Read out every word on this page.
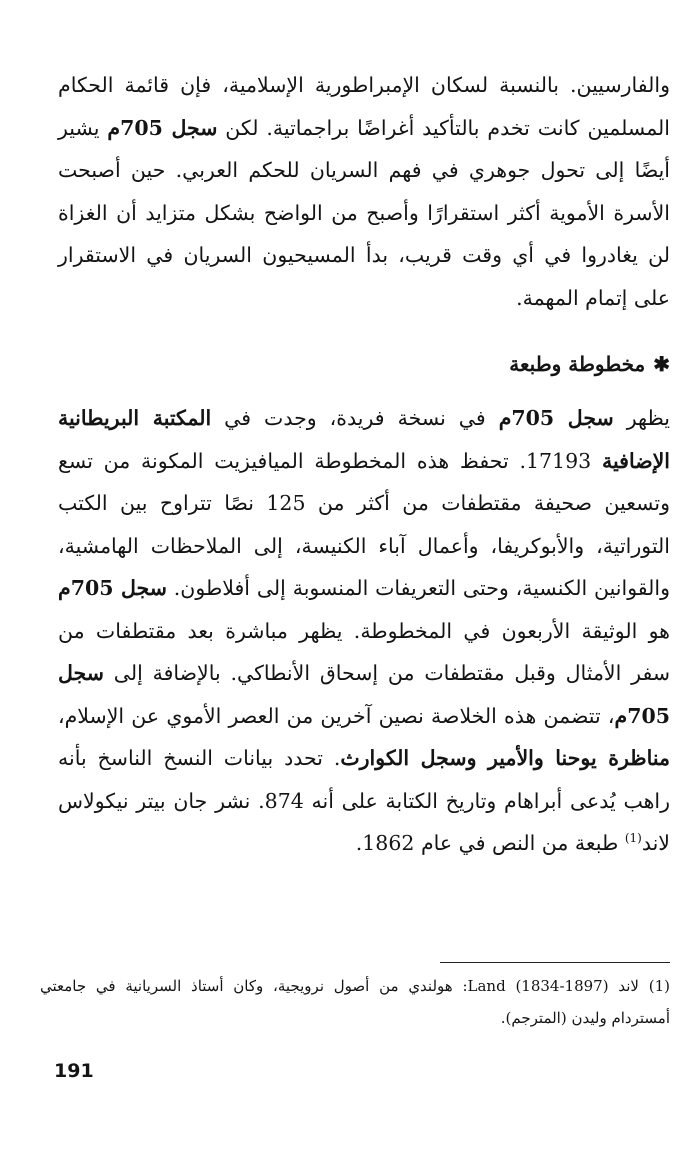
والفارسيين. بالنسبة لسكان الإمبراطورية الإسلامية، فإن قائمة الحكام المسلمين كانت تخدم بالتأكيد أغراضًا براجماتية. لكن سجل 705م يشير أيضًا إلى تحول جوهري في فهم السريان للحكم العربي. حين أصبحت الأسرة الأموية أكثر استقرارًا وأصبح من الواضح بشكل متزايد أن الغزاة لن يغادروا في أي وقت قريب، بدأ المسيحيون السريان في الاستقرار على إتمام المهمة.

✱مخطوطة وطبعة

يظهر سجل 705م في نسخة فريدة، وجدت في المكتبة البريطانية الإضافية 17193. تحفظ هذه المخطوطة الميافيزيت المكونة من تسع وتسعين صحيفة مقتطفات من أكثر من 125 نصًا تتراوح بين الكتب التوراتية، والأبوكريفا، وأعمال آباء الكنيسة، إلى الملاحظات الهامشية، والقوانين الكنسية، وحتى التعريفات المنسوبة إلى أفلاطون. سجل 705م هو الوثيقة الأربعون في المخطوطة. يظهر مباشرة بعد مقتطفات من سفر الأمثال وقبل مقتطفات من إسحاق الأنطاكي. بالإضافة إلى سجل 705م، تتضمن هذه الخلاصة نصين آخرين من العصر الأموي عن الإسلام، مناظرة يوحنا والأمير وسجل الكوارث. تحدد بيانات النسخ الناسخ بأنه راهب يُدعى أبراهام وتاريخ الكتابة على أنه 874. نشر جان بيتر نيكولاس لاند$^{(1)}$ طبعة من النص في عام 1862.

(1) لاند Land (1834-1897): هولندي من أصول نرويجية، وكان أستاذ السريانية في جامعتي أمستردام وليدن (المترجم).

191
